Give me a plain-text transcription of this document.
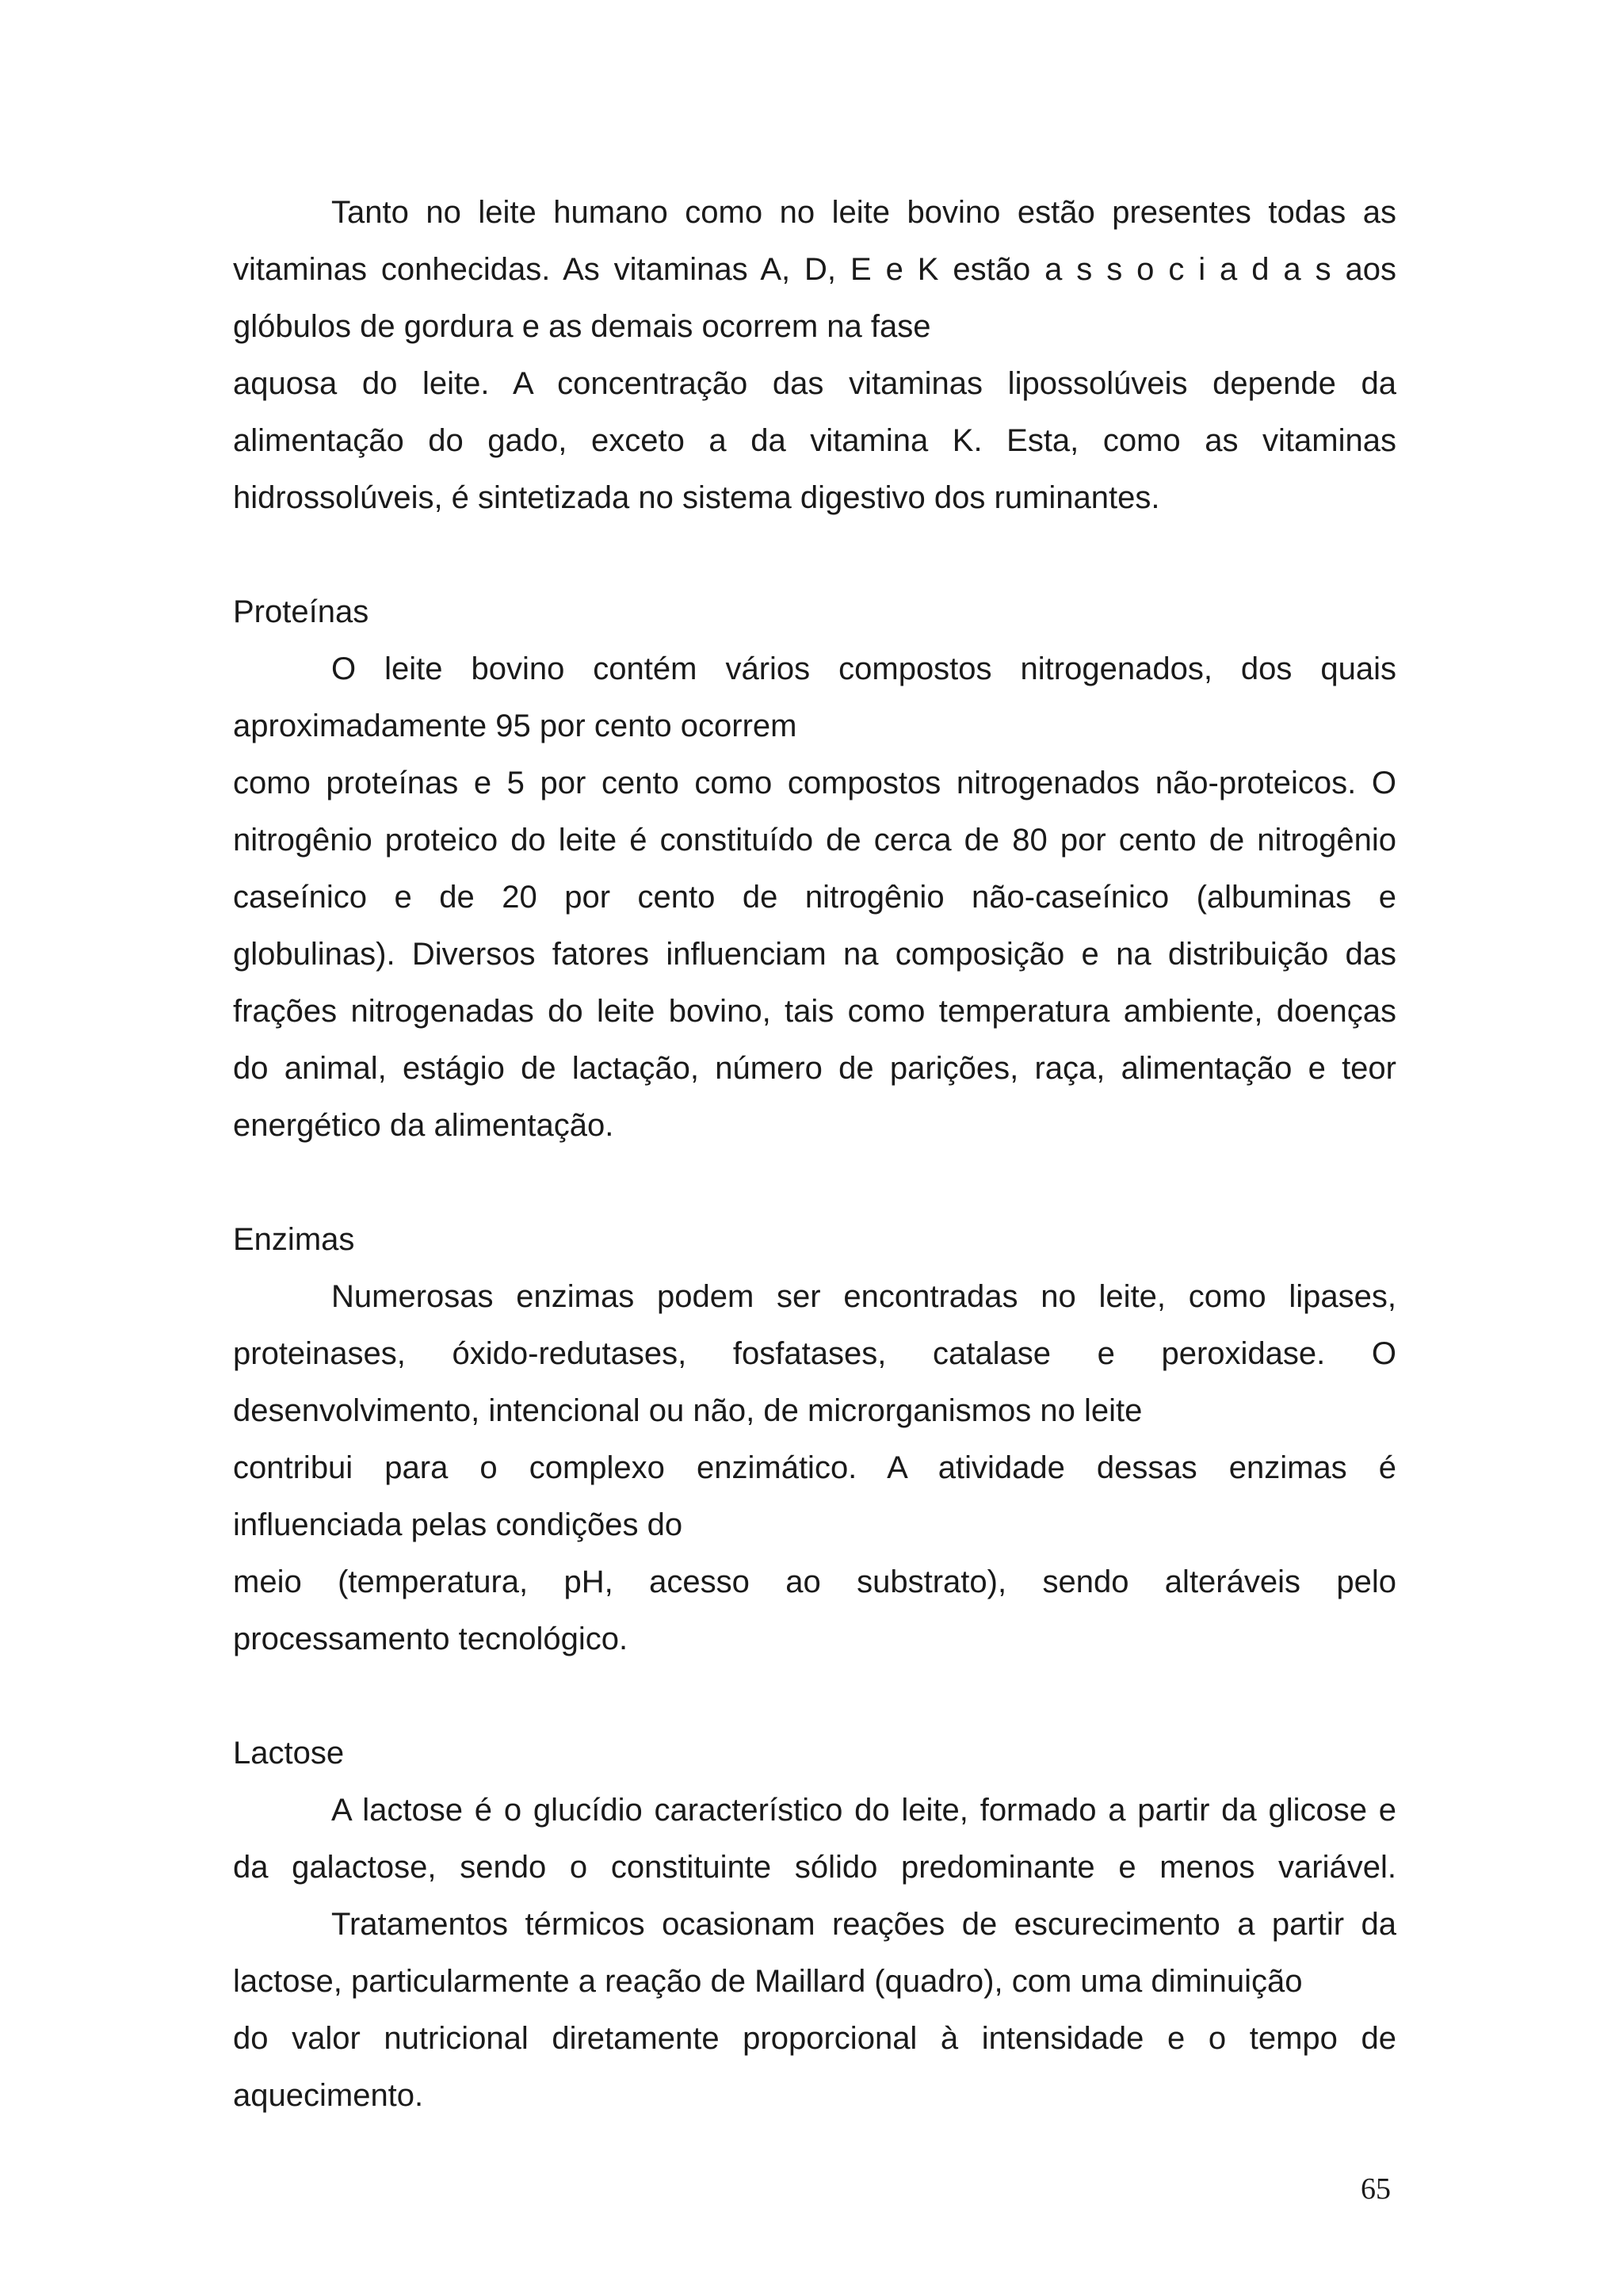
Tanto no leite humano como no leite bovino estão presentes todas as
vitaminas conhecidas. As vitaminas A, D, E e K estão a s s o c i a d a s aos
glóbulos de gordura e as demais ocorrem na fase
aquosa do leite. A concentração das vitaminas lipossolúveis depende da
alimentação do gado, exceto a da vitamina K. Esta, como as vitaminas
hidrossolúveis, é sintetizada no sistema digestivo dos ruminantes.
Proteínas
O leite bovino contém vários compostos nitrogenados, dos quais
aproximadamente 95 por cento ocorrem
como proteínas e 5 por cento como compostos nitrogenados não-proteicos. O
nitrogênio proteico do leite é constituído de cerca de 80 por cento de nitrogênio
caseínico e de 20 por cento de nitrogênio não-caseínico (albuminas e
globulinas). Diversos fatores influenciam na composição e na distribuição das
frações nitrogenadas do leite bovino, tais como temperatura ambiente, doenças
do animal, estágio de lactação, número de parições, raça, alimentação e teor
energético da alimentação.
Enzimas
Numerosas enzimas podem ser encontradas no leite, como lipases,
proteinases, óxido-redutases, fosfatases, catalase e peroxidase. O
desenvolvimento, intencional ou não, de microrganismos no leite
contribui para o complexo enzimático. A atividade dessas enzimas é
influenciada pelas condições do
meio (temperatura, pH, acesso ao substrato), sendo alteráveis pelo
processamento tecnológico.
Lactose
A lactose é o glucídio característico do leite, formado a partir da glicose e
da galactose, sendo o constituinte sólido predominante e menos variável.
Tratamentos térmicos ocasionam reações de escurecimento a partir da
lactose, particularmente a reação de Maillard (quadro), com uma diminuição
do valor nutricional diretamente proporcional à intensidade e o tempo de
aquecimento.
65
